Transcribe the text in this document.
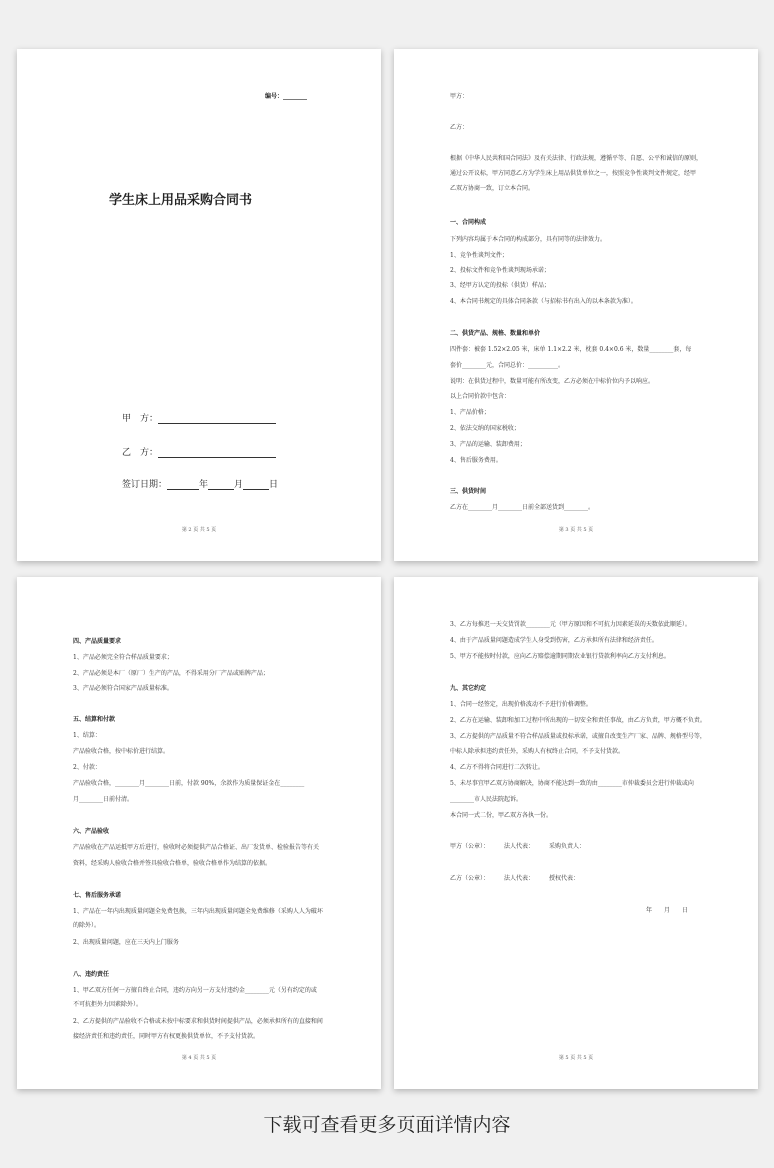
编号：________
学生床上用品采购合同书
甲　方：
乙　方：
签订日期：	年	月	日
第 2 页 共 5 页
甲方：
乙方：
根据《中华人民共和国合同法》及有关法律、行政法规，遵循平等、自愿、公平和诚信的原则，
通过公开议标，甲方同意乙方为学生床上用品供货单位之一，按照竞争性谈判文件规定，经甲
乙双方协商一致，订立本合同。
一、合同构成
下列内容均属于本合同的构成部分，具有同等的法律效力。
1、竞争性谈判文件；
2、投标文件和竞争性谈判现场承诺；
3、经甲方认定的投标（供货）样品；
4、本合同书规定的具体合同条款（与招标书有出入的以本条款为准）。
二、供货产品、规格、数量和单价
四件套：被套 1.52×2.05 米，床单 1.1×2.2 米，枕套 0.4×0.6 米，数量________套，每
套价________元，合同总价：__________。
说明：在供货过程中，数量可能有所改变，乙方必须在中标价位内予以响应。
以上合同价款中包含：
1、产品价格；
2、依法交纳的国家税收；
3、产品的运输、装卸费用；
4、售后服务费用。
三、供货时间
乙方在________月________日前全部送货到________。
第 3 页 共 5 页
四、产品质量要求
1、产品必须完全符合样品质量要求；
2、产品必须是本厂（原厂）生产的产品，不得采用分厂产品或贴牌产品；
3、产品必须符合国家产品质量标准。
五、结算和付款
1、结算：
产品验收合格，按中标价进行结算。
2、付款：
产品验收合格，________月________日前，付款 90%，余款作为质量保证金在________
月________日前付清。
六、产品验收
产品验收在产品运抵甲方后进行，验收时必须提供产品合格证、出厂发货单、检验报告等有关
资料，经采购人验收合格并签具验收合格单，验收合格单作为结算的依据。
七、售后服务承诺
1、产品在一年内出现质量问题全免费包换，三年内出现质量问题全免费维修（采购人人为破坏
的除外）。
2、出现质量问题，应在三天内上门服务
八、违约责任
1、甲乙双方任何一方擅自终止合同，违约方向另一方支付违约金________元（另有约定的或
不可抗拒外力因素除外）。
2、乙方提供的产品验收不合格或未按中标要求和供货时间提供产品，必须承担所有的直接和间
接经济责任和违约责任，同时甲方有权更换供货单位，不予支付货款。
第 4 页 共 5 页
3、乙方每推迟一天交货罚款________元（甲方原因和不可抗力因素延误的天数依此顺延）。
4、由于产品质量问题造成学生人身受到伤害，乙方承担所有法律和经济责任。
5、甲方不能按时付款，应向乙方赔偿逾期同期农业银行贷款利率向乙方支付利息。
九、其它约定
1、合同一经签定，出现价格波动不予进行价格调整。
2、乙方在运输、装卸和加工过程中所出现的一切安全和责任事故，由乙方负责，甲方概不负责。
3、乙方提供的产品质量不符合样品质量或投标承诺，或擅自改变生产厂家、品牌、规格型号等，
中标人除承担违约责任外，采购人有权终止合同，不予支付货款。
4、乙方不得将合同进行二次转让。
5、未尽事宜甲乙双方协商解决，协商不能达到一致的由________市仲裁委员会进行仲裁或向
________市人民法院起诉。
本合同一式二份，甲乙双方各执一份。
甲方（公章）：　　　法人代表：　　　采购负责人：
乙方（公章）：　　　法人代表：　　　授权代表：
年　　月　　日
第 5 页 共 5 页
下载可查看更多页面详情内容
